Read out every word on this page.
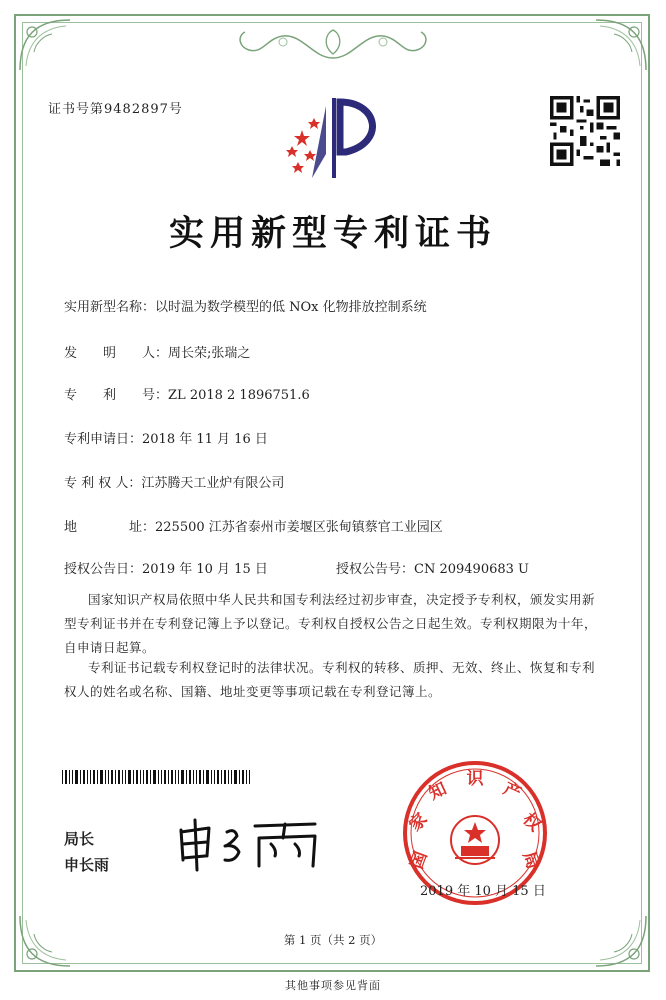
证书号第9482897号
实用新型专利证书
实用新型名称：以时温为数学模型的低 NOx 化物排放控制系统
发　　明　　人：周长荣;张瑞之
专　　利　　号：ZL 2018 2 1896751.6
专利申请日：2018 年 11 月 16 日
专 利 权 人：江苏腾天工业炉有限公司
地　　　　址：225500 江苏省泰州市姜堰区张甸镇蔡官工业园区
授权公告日：2019 年 10 月 15 日	授权公告号：CN 209490683 U
国家知识产权局依照中华人民共和国专利法经过初步审查，决定授予专利权，颁发实用新型专利证书并在专利登记簿上予以登记。专利权自授权公告之日起生效。专利权期限为十年，自申请日起算。
专利证书记载专利权登记时的法律状况。专利权的转移、质押、无效、终止、恢复和专利权人的姓名或名称、国籍、地址变更等事项记载在专利登记簿上。
局长
申长雨	国
家
知 识 产
权
局
2019 年 10 月 15 日
第 1 页（共 2 页）
其他事项参见背面
